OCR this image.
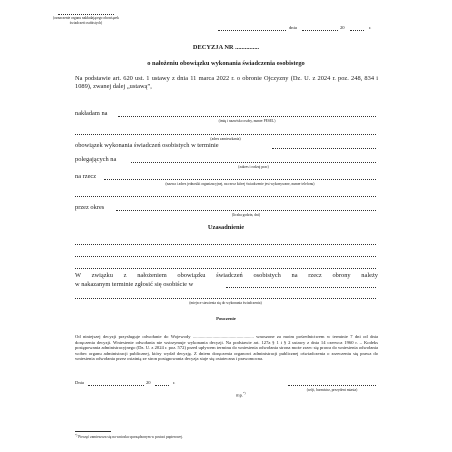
(oznaczenie organu nakładającego obowiązek
świadczeń osobistych)
dnia	20	r.
DECYZJA NR ...............
o nałożeniu obowiązku wykonania świadczenia osobistego
Na podstawie art. 620 ust. 1 ustawy z dnia 11 marca 2022 r. o obronie Ojczyzny (Dz. U. z 2024 r. poz. 248, 834 i 1089), zwanej dalej „ustawą”,
nakładam na
(imię i nazwisko osoby, numer PESEL)
(adres zamieszkania)
obowiązek wykonania świadczeń osobistych w terminie
polegających na
(zakres i rodzaj prac)
na rzecz
(nazwa i adres jednostki organizacyjnej, na rzecz której świadczenie jest wykonywane, numer telefonu)
przez okres
(liczba godzin, dni)
Uzasadnienie
W związku z nałożeniem obowiązku świadczeń osobistych na rzecz obrony należy
w nakazanym terminie zgłosić się osobiście w
(miejsce stawienia się do wykonania świadczenia)
Pouczenie
Od niniejszej decyzji przysługuje odwołanie do Wojewody ..................................................... wnoszone za moim pośrednictwem w terminie 7 dni od dnia doręczenia decyzji. Wniesienie odwołania nie wstrzymuje wykonania decyzji. Na podstawie art. 127a § 1 i § 2 ustawy z dnia 14 czerwca 1960 r. – Kodeks postępowania administracyjnego (Dz. U. z 2024 r. poz. 572) przed upływem terminu do wniesienia odwołania strona może zrzec się prawa do wniesienia odwołania wobec organu administracji publicznej, który wydał decyzję. Z dniem doręczenia organowi administracji publicznej oświadczenia o zrzeczeniu się prawa do wniesienia odwołania przez ostatnią ze stron postępowania decyzja staje się ostateczna i prawomocna.
Dnia	20	r.
(wójt, burmistrz, prezydent miasta)
mp.*)
*) Pieczęć zamieszcza się na wniosku sporządzonym w postaci papierowej.
